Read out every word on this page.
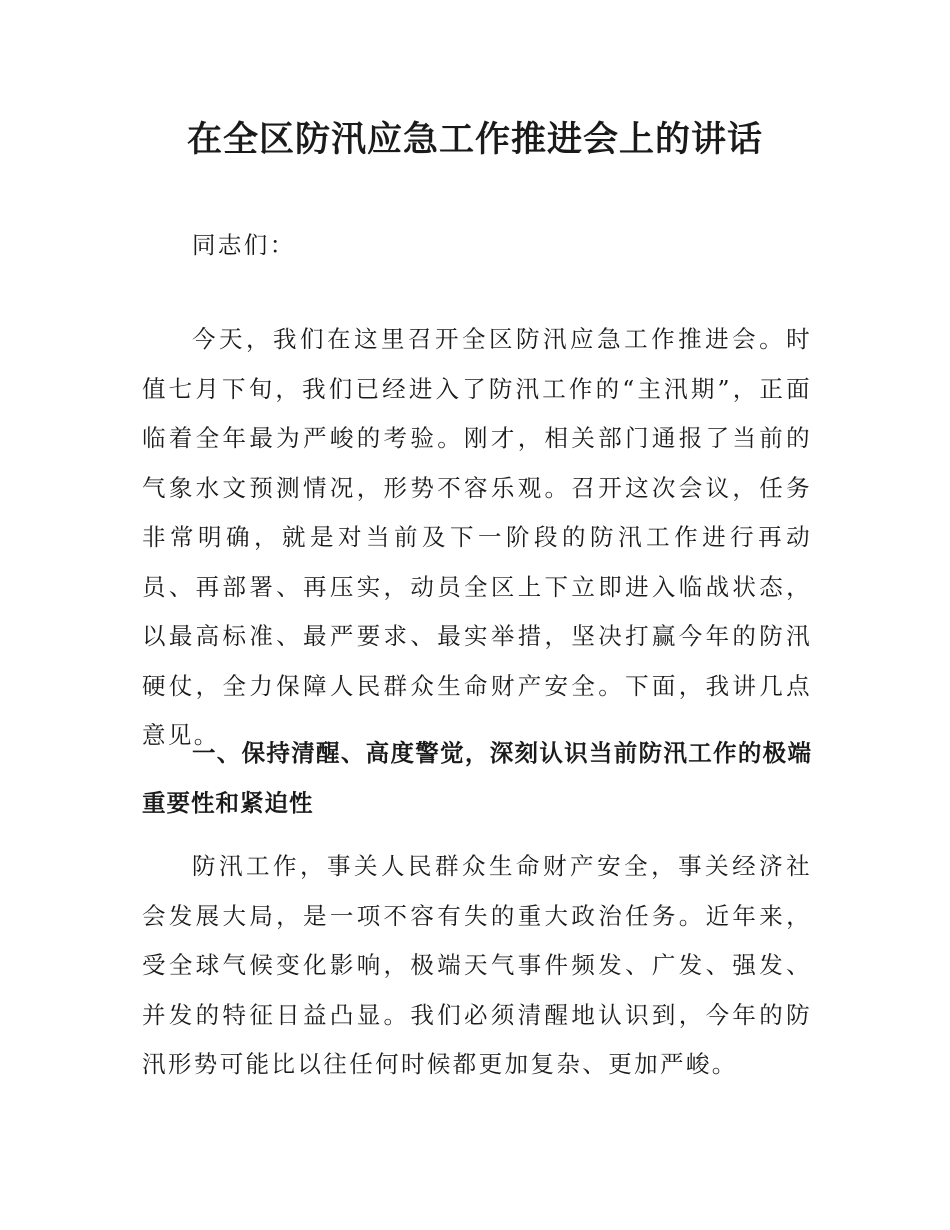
在全区防汛应急工作推进会上的讲话

同志们：

今天，我们在这里召开全区防汛应急工作推进会。时值七月下旬，我们已经进入了防汛工作的“主汛期”，正面临着全年最为严峻的考验。刚才，相关部门通报了当前的气象水文预测情况，形势不容乐观。召开这次会议，任务非常明确，就是对当前及下一阶段的防汛工作进行再动员、再部署、再压实，动员全区上下立即进入临战状态，以最高标准、最严要求、最实举措，坚决打赢今年的防汛硬仗，全力保障人民群众生命财产安全。下面，我讲几点意见。

一、保持清醒、高度警觉，深刻认识当前防汛工作的极端重要性和紧迫性

防汛工作，事关人民群众生命财产安全，事关经济社会发展大局，是一项不容有失的重大政治任务。近年来，受全球气候变化影响，极端天气事件频发、广发、强发、并发的特征日益凸显。我们必须清醒地认识到，今年的防汛形势可能比以往任何时候都更加复杂、更加严峻。
